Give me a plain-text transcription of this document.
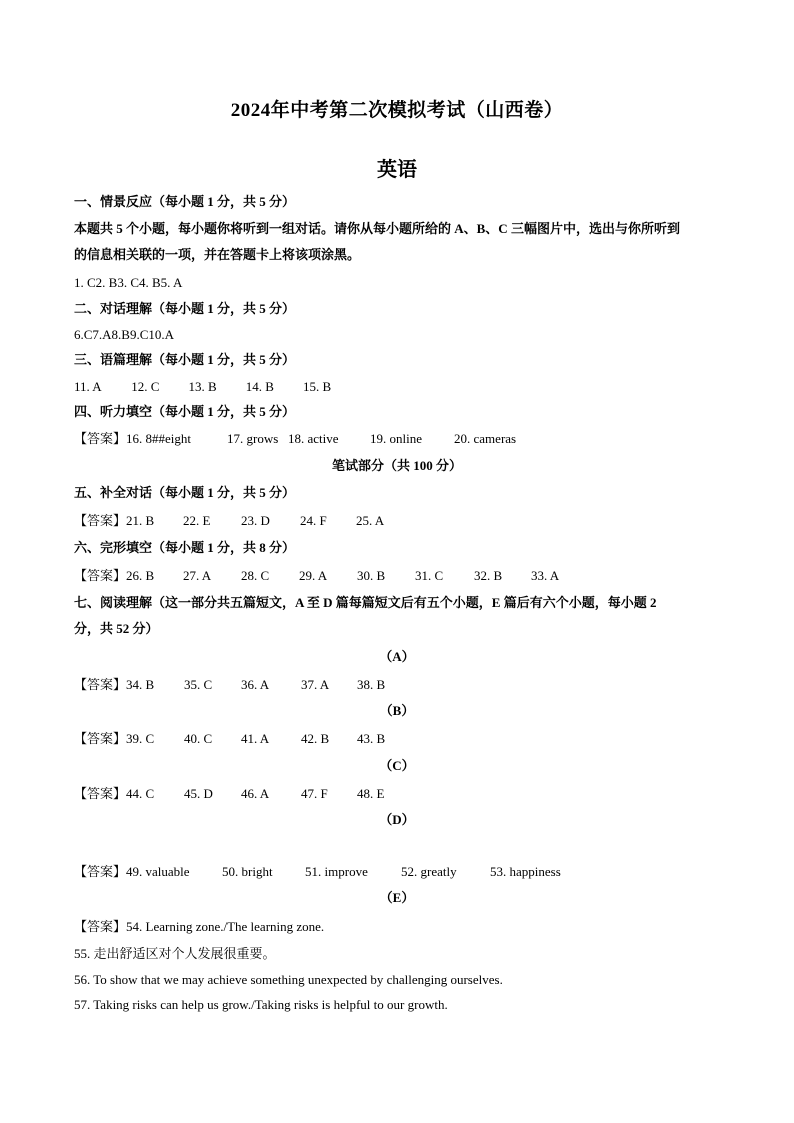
2024年中考第二次模拟考试（山西卷）
英语
一、情景反应（每小题 1 分，共 5 分）
本题共 5 个小题，每小题你将听到一组对话。请你从每小题所给的 A、B、C 三幅图片中，选出与你所听到
的信息相关联的一项，并在答题卡上将该项涂黑。
1. C2. B3. C4. B5. A
二、对话理解（每小题 1 分，共 5 分）
6.C7.A8.B9.C10.A
三、语篇理解（每小题 1 分，共 5 分）
11. A 12. C 13. B 14. B 15. B
四、听力填空（每小题 1 分，共 5 分）
【答案】16. 8##eight	17. grows 18. active 19. online 20. cameras
笔试部分（共 100 分）
五、补全对话（每小题 1 分，共 5 分）
【答案】21. B 22. E 23. D 24. F 25. A
六、完形填空（每小题 1 分，共 8 分）
【答案】26. B 27. A 28. C 29. A 30. B 31. C 32. B 33. A
七、阅读理解（这一部分共五篇短文，A 至 D 篇每篇短文后有五个小题，E 篇后有六个小题，每小题 2
分，共 52 分）
（A）
【答案】34. B 35. C 36. A 37. A 38. B
（B）
【答案】39. C 40. C 41. A 42. B 43. B
（C）
【答案】44. C 45. D 46. A 47. F 48. E
（D）
【答案】49. valuable 50. bright 51. improve	52. greatly	53. happiness
（E）
【答案】54. Learning zone./The learning zone.
55. 走出舒适区对个人发展很重要。
56. To show that we may achieve something unexpected by challenging ourselves.
57. Taking risks can help us grow./Taking risks is helpful to our growth.
